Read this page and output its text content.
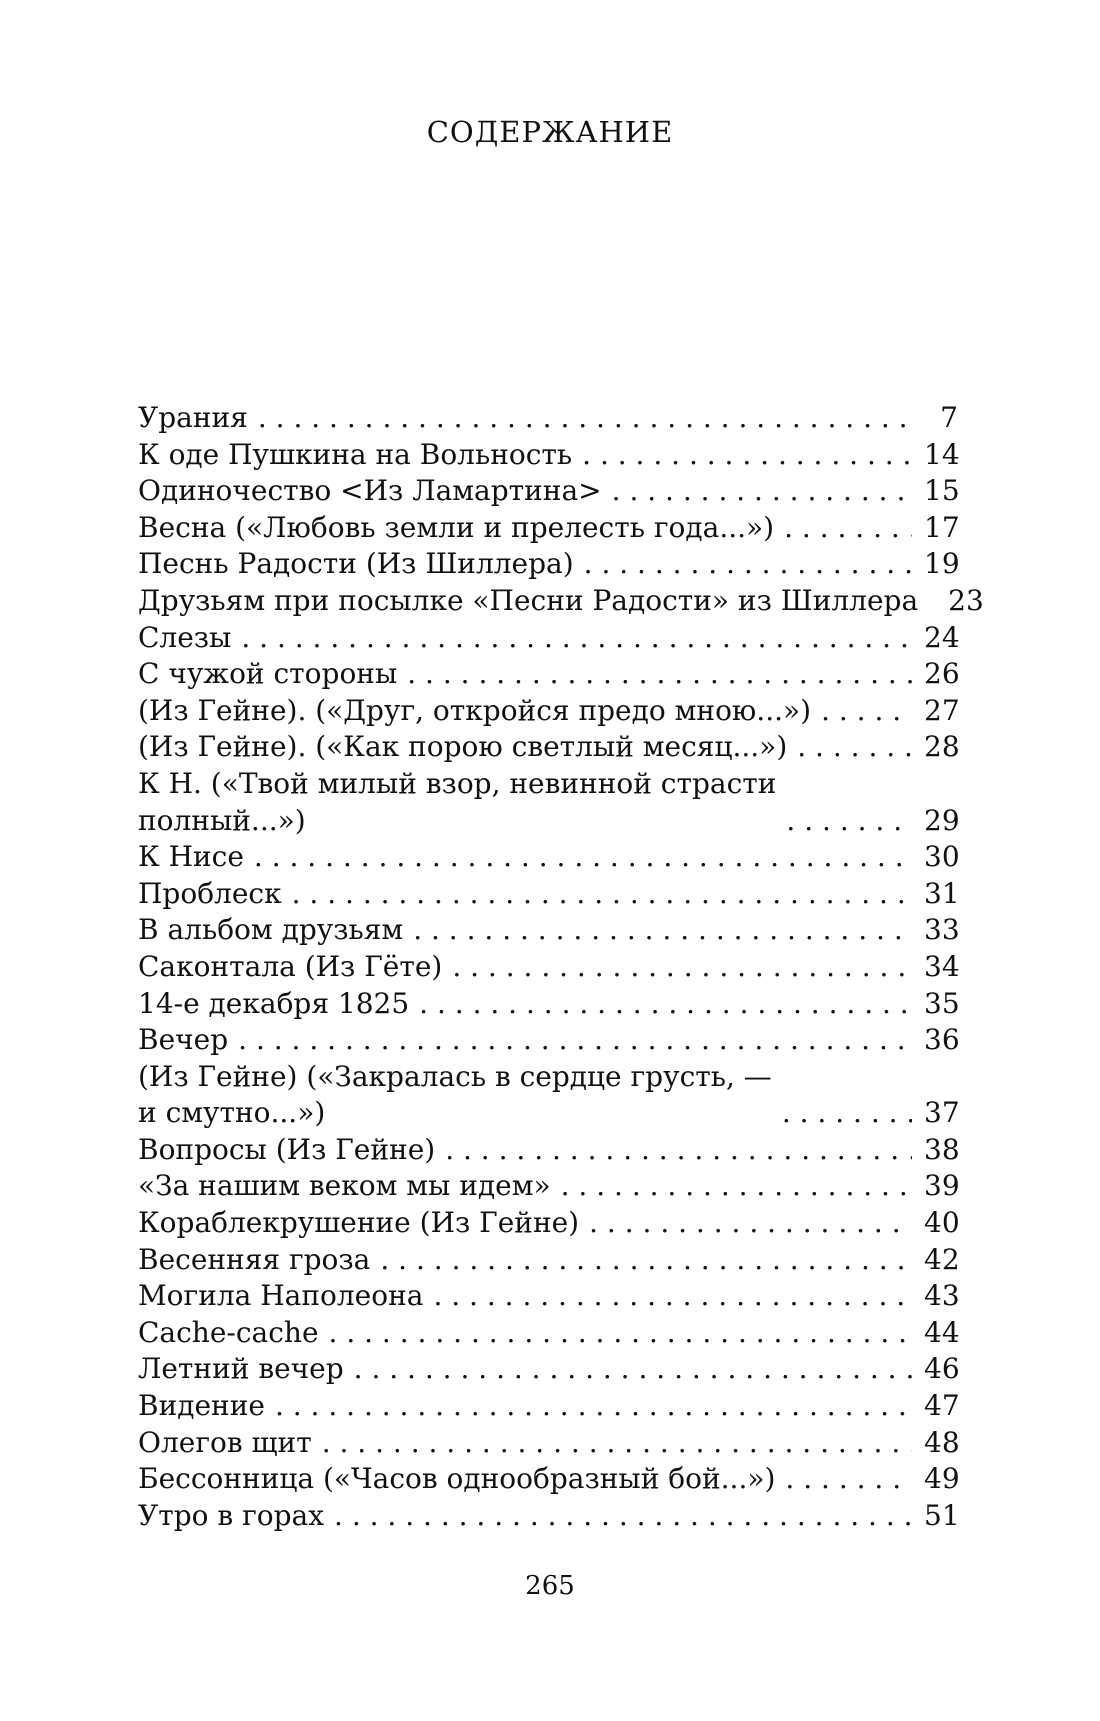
СОДЕРЖАНИЕ
Урания . . .	7
К оде Пушкина на Вольность . . .	14
Одиночество <Из Ламартина> . . .	15
Весна («Любовь земли и прелесть года...») . . .	17
Песнь Радости (Из Шиллера) . . .	19
Друзьям при посылке «Песни Радости» из Шиллера 23
Слезы . . .	24
С чужой стороны . . .	26
(Из Гейне). («Друг, откройся предо мною...») . . .	27
(Из Гейне). («Как порою светлый месяц...») . . .	28
К Н. («Твой милый взор, невинной страсти
полный...») . . .	29
К Нисе . . .	30
Проблеск . . .	31
В альбом друзьям . . .	33
Саконтала (Из Гёте) . . .	34
14-е декабря 1825 . . .	35
Вечер . . .	36
(Из Гейне) («Закралась в сердце грусть, —
и смутно...») . . .	37
Вопросы (Из Гейне) . . .	38
«За нашим веком мы идем» . . .	39
Кораблекрушение (Из Гейне) . . .	40
Весенняя гроза . . .	42
Могила Наполеона . . .	43
Cache-cache . . .	44
Летний вечер . . .	46
Видение . . .	47
Олегов щит . . .	48
Бессонница («Часов однообразный бой...») . . .	49
Утро в горах . . .	51
265
